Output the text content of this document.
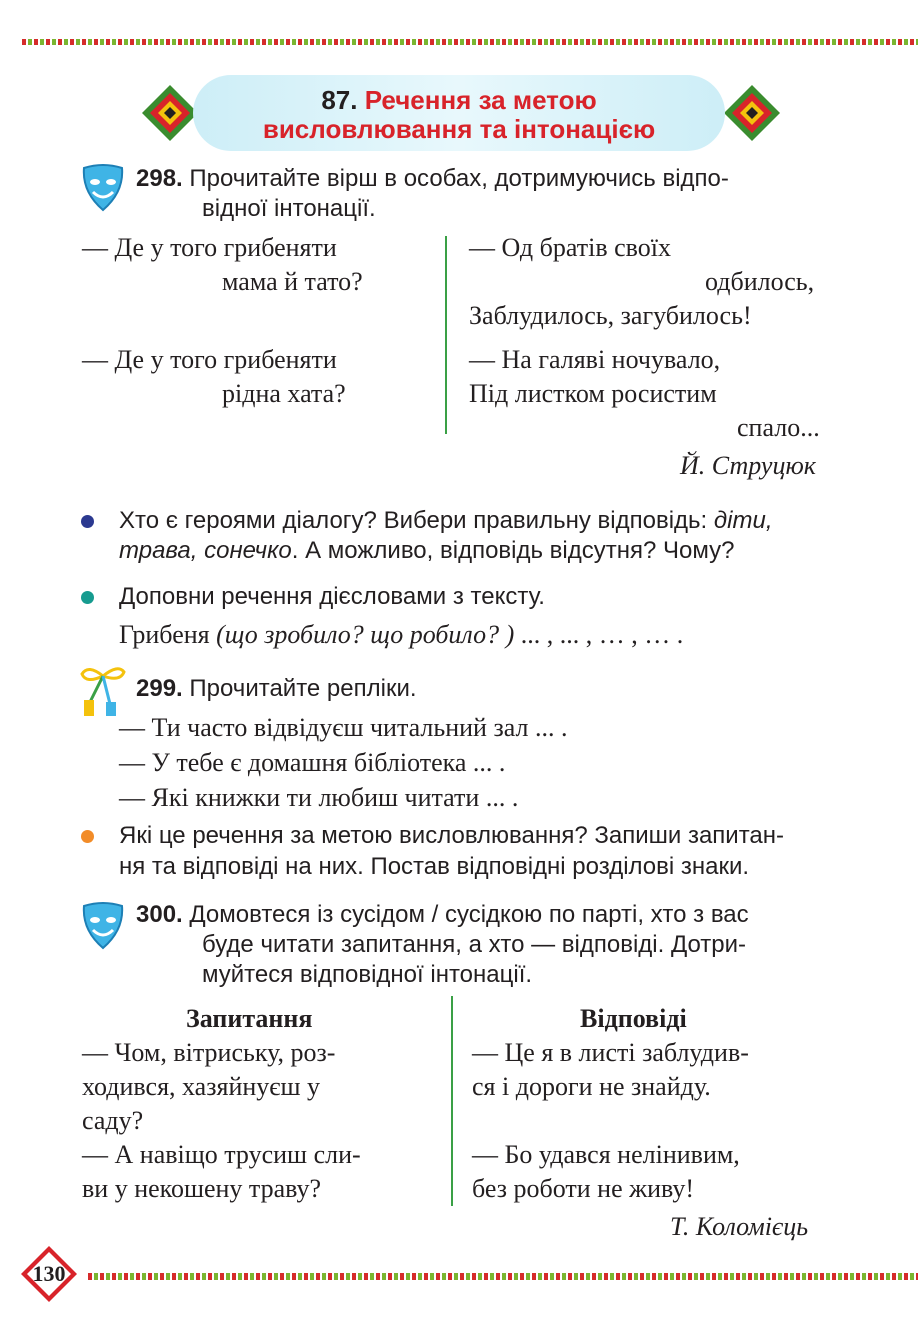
87. Речення за метою
висловлювання та інтонацією
298. Прочитайте вірш в особах, дотримуючись відпо-
відної інтонації.
— Де у того грибеняти
мама й тато?
— Де у того грибеняти
рідна хата?
— Од братів своїх
одбилось,
Заблудилось, загубилось!
— На галяві ночувало,
Під листком росистим
спало...
Й. Струцюк
Хто є героями діалогу? Вибери правильну відповідь: діти,
трава, сонечко. А можливо, відповідь відсутня? Чому?
Доповни речення дієсловами з тексту.
Грибеня (що зробило? що робило? ) ... , ... , … , … .
299. Прочитайте репліки.
— Ти часто відвідуєш читальний зал ... .
— У тебе є домашня бібліотека ... .
— Які книжки ти любиш читати ... .
Які це речення за метою висловлювання? Запиши запитан-
ня та відповіді на них. Постав відповідні розділові знаки.
300. Домовтеся із сусідом / сусідкою по парті, хто з вас
буде читати запитання, а хто — відповіді. Дотри-
муйтеся відповідної інтонації.
Запитання	Відповіді
— Чом, вітриську, роз-
ходився, хазяйнуєш у
саду?
— А навіщо трусиш сли-
ви у некошену траву?
— Це я в листі заблудив-
ся і дороги не знайду.
— Бо удався нелінивим,
без роботи не живу!
Т. Коломієць
130
